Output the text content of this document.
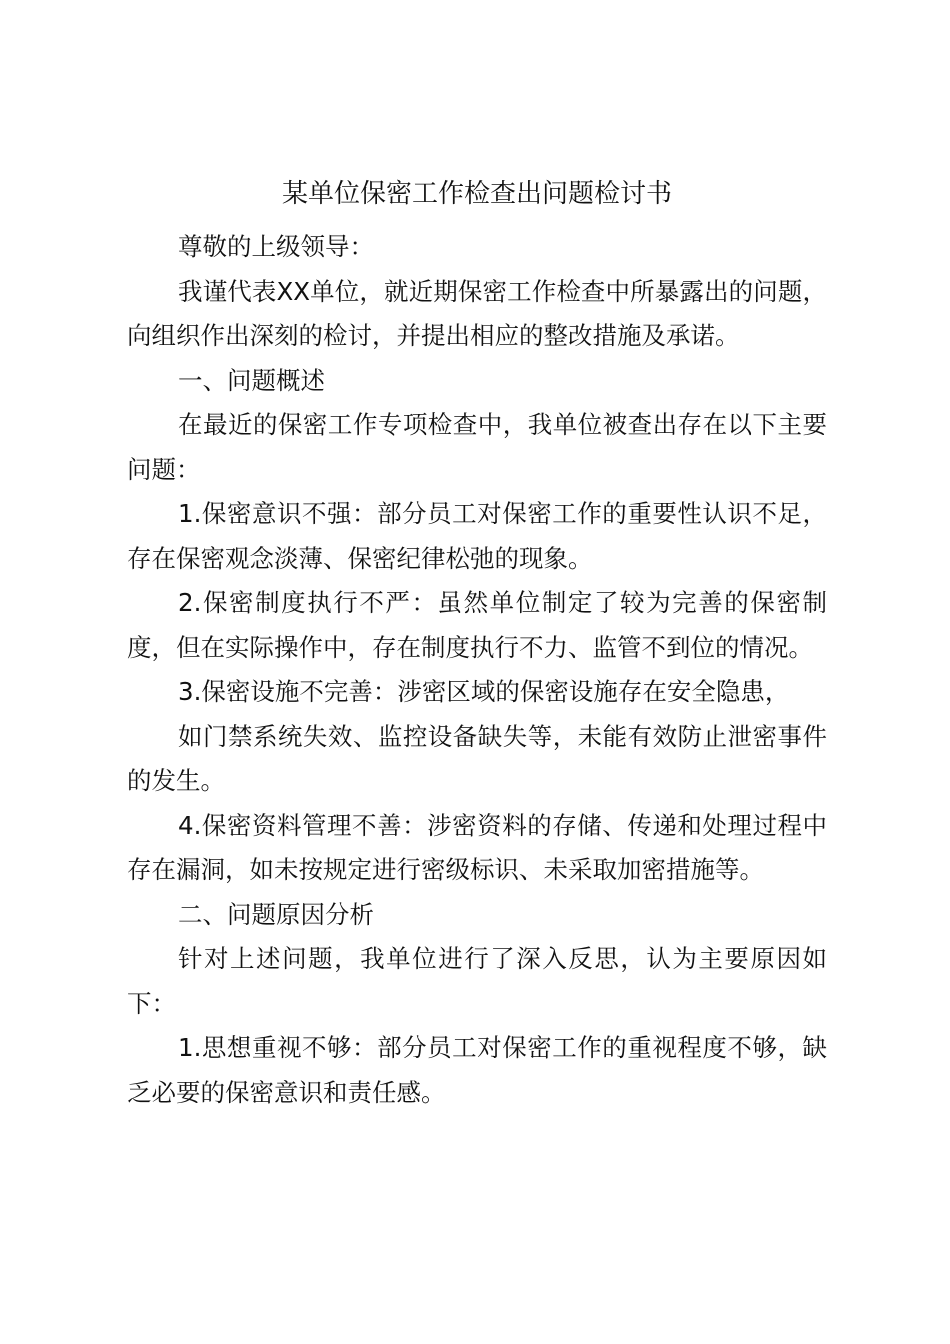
某单位保密工作检查出问题检讨书

尊敬的上级领导：

我谨代表XX单位，就近期保密工作检查中所暴露出的问题，向组织作出深刻的检讨，并提出相应的整改措施及承诺。

一、问题概述

在最近的保密工作专项检查中，我单位被查出存在以下主要问题：

1.保密意识不强：部分员工对保密工作的重要性认识不足，存在保密观念淡薄、保密纪律松弛的现象。

2.保密制度执行不严：虽然单位制定了较为完善的保密制度，但在实际操作中，存在制度执行不力、监管不到位的情况。

3.保密设施不完善：涉密区域的保密设施存在安全隐患，

如门禁系统失效、监控设备缺失等，未能有效防止泄密事件的发生。

4.保密资料管理不善：涉密资料的存储、传递和处理过程中存在漏洞，如未按规定进行密级标识、未采取加密措施等。

二、问题原因分析

针对上述问题，我单位进行了深入反思，认为主要原因如下：

1.思想重视不够：部分员工对保密工作的重视程度不够，缺乏必要的保密意识和责任感。
